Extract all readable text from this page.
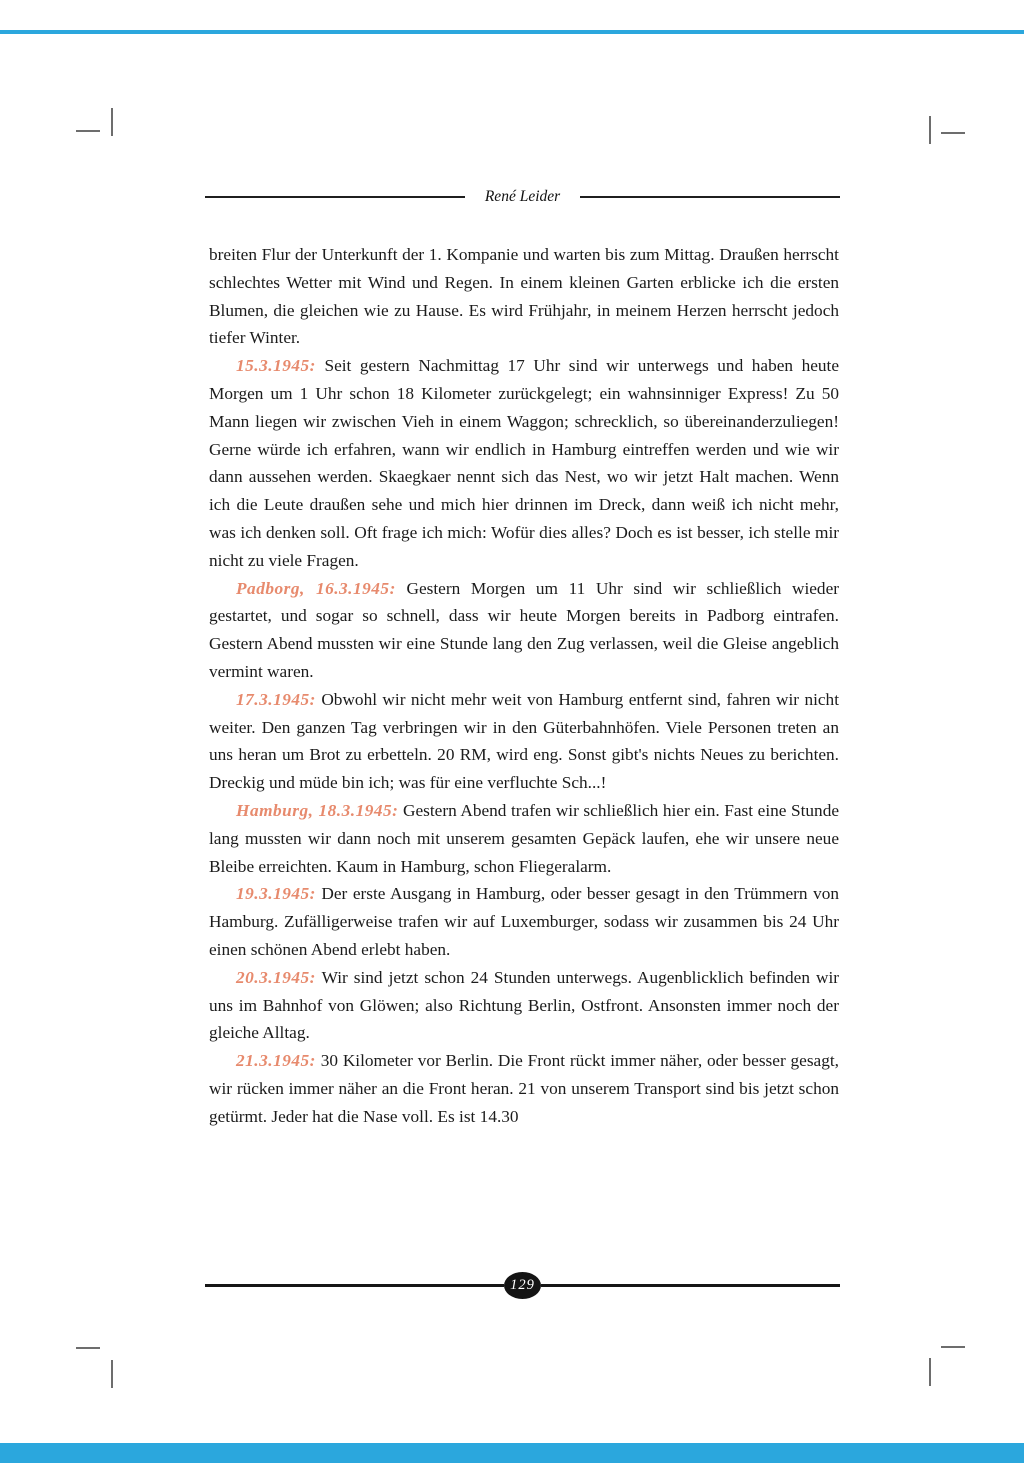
René Leider

breiten Flur der Unterkunft der 1. Kompanie und warten bis zum Mittag. Draußen herrscht schlechtes Wetter mit Wind und Regen. In einem kleinen Garten erblicke ich die ersten Blumen, die gleichen wie zu Hause. Es wird Frühjahr, in meinem Herzen herrscht jedoch tiefer Winter.

15.3.1945: Seit gestern Nachmittag 17 Uhr sind wir unterwegs und haben heute Morgen um 1 Uhr schon 18 Kilometer zurückgelegt; ein wahnsinniger Express! Zu 50 Mann liegen wir zwischen Vieh in einem Waggon; schrecklich, so übereinanderzuliegen! Gerne würde ich erfahren, wann wir endlich in Hamburg eintreffen werden und wie wir dann aussehen werden. Skaegkaer nennt sich das Nest, wo wir jetzt Halt machen. Wenn ich die Leute draußen sehe und mich hier drinnen im Dreck, dann weiß ich nicht mehr, was ich denken soll. Oft frage ich mich: Wofür dies alles? Doch es ist besser, ich stelle mir nicht zu viele Fragen.

Padborg, 16.3.1945: Gestern Morgen um 11 Uhr sind wir schließlich wieder gestartet, und sogar so schnell, dass wir heute Morgen bereits in Padborg eintrafen. Gestern Abend mussten wir eine Stunde lang den Zug verlassen, weil die Gleise angeblich vermint waren.

17.3.1945: Obwohl wir nicht mehr weit von Hamburg entfernt sind, fahren wir nicht weiter. Den ganzen Tag verbringen wir in den Güterbahnhöfen. Viele Personen treten an uns heran um Brot zu erbetteln. 20 RM, wird eng. Sonst gibt's nichts Neues zu berichten. Dreckig und müde bin ich; was für eine verfluchte Sch...!

Hamburg, 18.3.1945: Gestern Abend trafen wir schließlich hier ein. Fast eine Stunde lang mussten wir dann noch mit unserem gesamten Gepäck laufen, ehe wir unsere neue Bleibe erreichten. Kaum in Hamburg, schon Fliegeralarm.

19.3.1945: Der erste Ausgang in Hamburg, oder besser gesagt in den Trümmern von Hamburg. Zufälligerweise trafen wir auf Luxemburger, sodass wir zusammen bis 24 Uhr einen schönen Abend erlebt haben.

20.3.1945: Wir sind jetzt schon 24 Stunden unterwegs. Augenblicklich befinden wir uns im Bahnhof von Glöwen; also Richtung Berlin, Ostfront. Ansonsten immer noch der gleiche Alltag.

21.3.1945: 30 Kilometer vor Berlin. Die Front rückt immer näher, oder besser gesagt, wir rücken immer näher an die Front heran. 21 von unserem Transport sind bis jetzt schon getürmt. Jeder hat die Nase voll. Es ist 14.30

129
